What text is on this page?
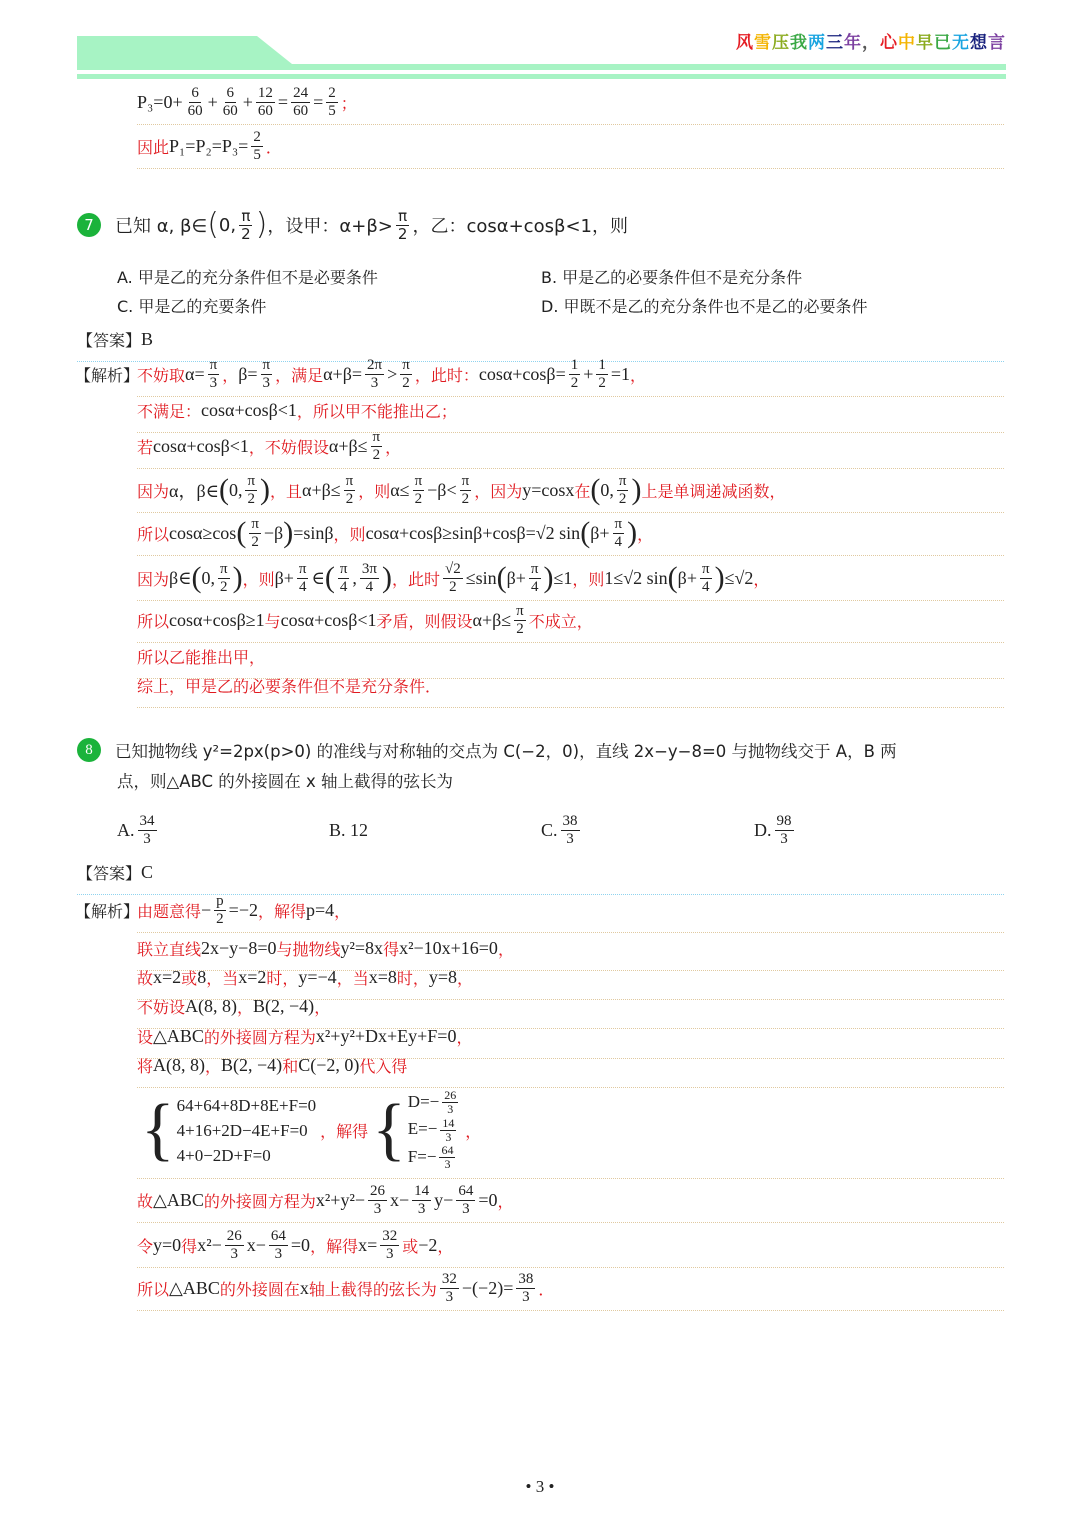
风雪压我两三年，心中早已无想言
$P_3=0+ \frac{6}{60} + \frac{6}{60} + \frac{12}{60} = \frac{24}{60} = \frac{2}{5}$ ；
因此 $P_1=P_2=P_3= \frac{2}{5}$ ．
7	已知 α, β∈ ( 0, $\frac{\pi}{2}$ ) ，设甲：$\alpha+\beta> \frac{\pi}{2}$ ，乙：cosα+cosβ<1，则
A. 甲是乙的充分条件但不是必要条件	B. 甲是乙的必要条件但不是充分条件
C. 甲是乙的充要条件	D. 甲既不是乙的充分条件也不是乙的必要条件
【答案】 B
不妨取 $\alpha= \frac{\pi}{3}$ ， $\beta= \frac{\pi}{3}$ ，满足 $\alpha+\beta= \frac{2\pi}{3} > \frac{\pi}{2}$ ，此时： $\cos\alpha+\cos\beta= \frac{1}{2} + \frac{1}{2} =1$ ，
【解析】
不满足： cosα+cosβ<1 ，所以甲不能推出乙；
若 cosα+cosβ<1 ，不妨假设 $\alpha+\beta\le \frac{\pi}{2}$ ，
因为 α，β∈ ( 0, $\frac{\pi}{2}$ ) ，且 $\alpha+\beta\le \frac{\pi}{2}$ ，则 $\alpha\le \frac{\pi}{2} -\beta< \frac{\pi}{2}$ ，因为 y=cosx 在 ( 0, $\frac{\pi}{2}$ ) 上是单调递减函数，
所以 cosα≥cos ( $\frac{\pi}{2} -\beta$ ) =sinβ ，则 cosα+cosβ≥sinβ+cosβ=√2 sin ( $\beta+ \frac{\pi}{4}$ ) ，
因为 β∈ ( 0, $\frac{\pi}{2}$ ) ，则 $\beta+ \frac{\pi}{4}$ ∈ ( $\frac{\pi}{4}$ , $\frac{3\pi}{4}$ ) ，此时 $\frac{√2}{2} \le\sin$ ( $\beta+ \frac{\pi}{4}$ ) ≤1 ，则 1≤√2 sin ( $\beta+ \frac{\pi}{4}$ ) ≤√2 ，
所以 cosα+cosβ≥1 与 cosα+cosβ<1 矛盾，则假设 $\alpha+\beta\le \frac{\pi}{2}$ 不成立，
所以乙能推出甲，
综上，甲是乙的必要条件但不是充分条件．
8	已知抛物线 y²=2px(p>0) 的准线与对称轴的交点为 C(−2，0)，直线 2x−y−8=0 与抛物线交于 A，B 两
点，则△ABC 的外接圆在 x 轴上截得的弦长为
A. $\frac{34}{3}$	B. 12	C. $\frac{38}{3}$	D. $\frac{98}{3}$
【答案】 C
由题意得 − $\frac{p}{2} =-2$ ，解得 p=4 ，
【解析】
联立直线 2x−y−8=0 与抛物线 y²=8x 得 x²−10x+16=0 ，
故 x=2 或 8 ，当 x=2 时， y=−4 ，当 x=8 时， y=8 ，
不妨设 A(8, 8) ， B(2, −4) ，
设 △ABC 的外接圆方程为 x²+y²+Dx+Ey+F=0 ，
将 A(8, 8) ， B(2, −4) 和 C(−2, 0) 代入得
{ 64+64+8D+8E+F=0
4+16+2D−4E+F=0
4+0−2D+F=0
，解得 { $D=- \frac{26}{3}$
$E=- \frac{14}{3}$
$F=- \frac{64}{3}$
，
故 △ABC 的外接圆方程为 $x^2+y^2- \frac{26}{3} x- \frac{14}{3} y- \frac{64}{3} =0$ ，
令 y=0 得 $x^2- \frac{26}{3} x- \frac{64}{3} =0$ ，解得 $x= \frac{32}{3}$ 或 −2 ，
所以 △ABC 的外接圆在 x 轴上截得的弦长为 $\frac{32}{3} -(-2)= \frac{38}{3}$ ．
• 3 •
